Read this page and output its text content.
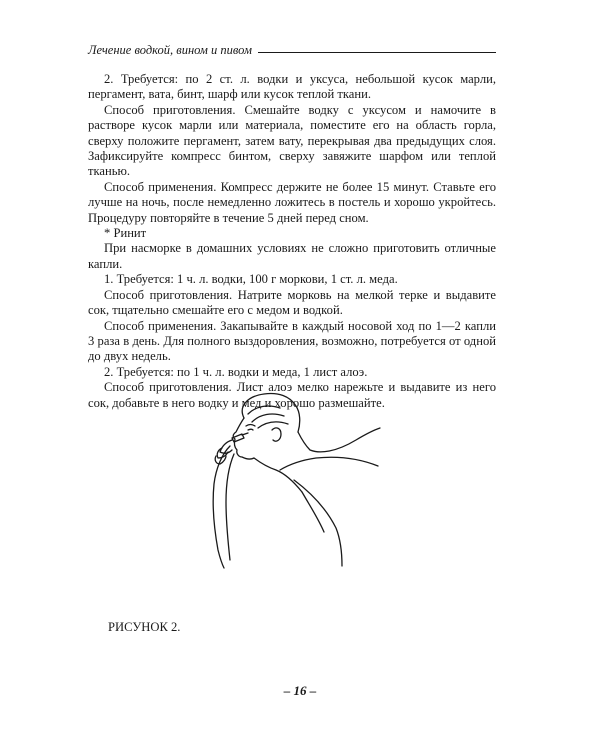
Лечение водкой, вином и пивом

2. Требуется: по 2 ст. л. водки и уксуса, небольшой кусок марли, пергамент, вата, бинт, шарф или кусок теплой ткани.

Способ приготовления. Смешайте водку с уксусом и намочите в растворе кусок марли или материала, поместите его на область горла, сверху положите пергамент, затем вату, перекрывая два предыдущих слоя. Зафиксируйте компресс бинтом, сверху завяжите шарфом или теплой тканью.

Способ применения. Компресс держите не более 15 минут. Ставьте его лучше на ночь, после немедленно ложитесь в постель и хорошо укройтесь. Процедуру повторяйте в течение 5 дней перед сном.

* Ринит

При насморке в домашних условиях не сложно приготовить отличные капли.

1. Требуется: 1 ч. л. водки, 100 г моркови, 1 ст. л. меда.

Способ приготовления. Натрите морковь на мелкой терке и выдавите сок, тщательно смешайте его с медом и водкой.

Способ применения. Закапывайте в каждый носовой ход по 1—2 капли 3 раза в день. Для полного выздоровления, возможно, потребуется от одной до двух недель.

2. Требуется: по 1 ч. л. водки и меда, 1 лист алоэ.

Способ приготовления. Лист алоэ мелко нарежьте и выдавите из него сок, добавьте в него водку и мед и хорошо размешайте.

РИСУНОК 2.
– 16 –
